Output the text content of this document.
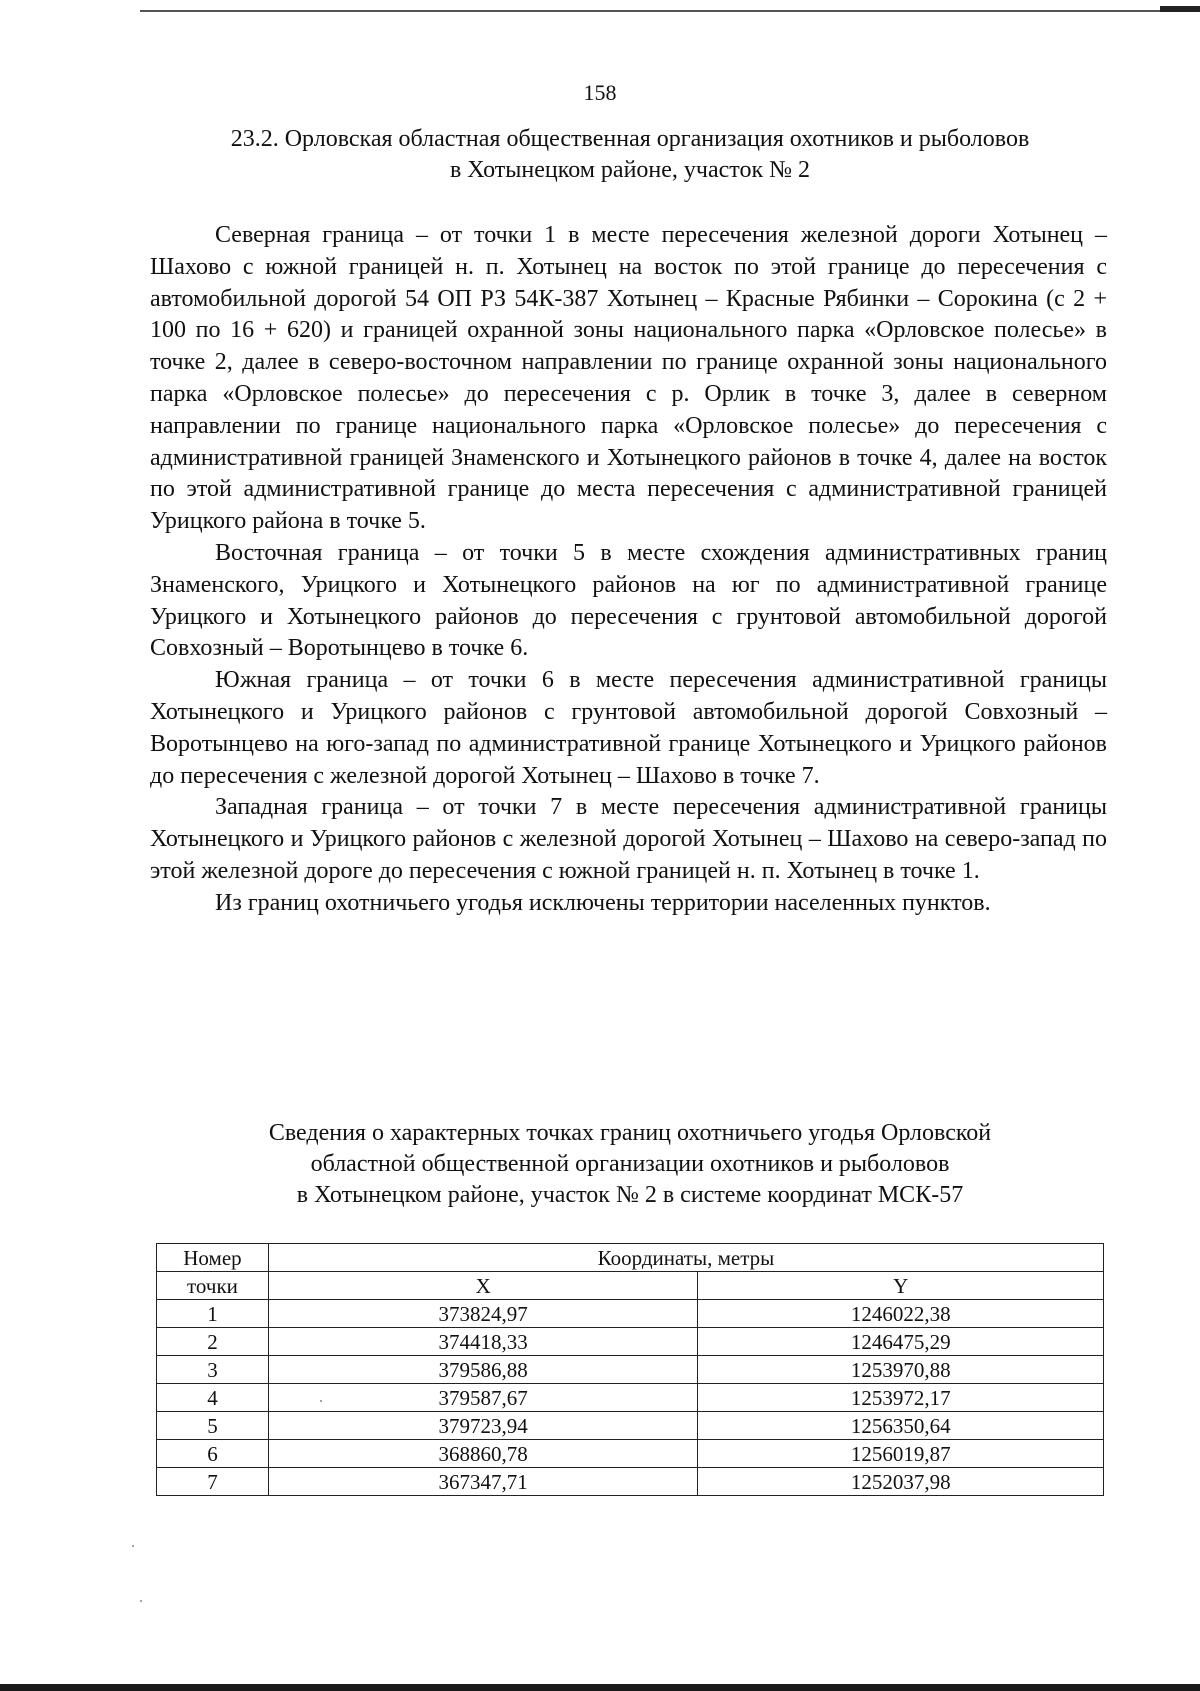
158
23.2. Орловская областная общественная организация охотников и рыболовов
в Хотынецком районе, участок № 2

Северная граница – от точки 1 в месте пересечения железной дороги Хотынец – Шахово с южной границей н. п. Хотынец на восток по этой границе до пересечения с автомобильной дорогой 54 ОП РЗ 54К-387 Хотынец – Красные Рябинки – Сорокина (с 2 + 100 по 16 + 620) и границей охранной зоны национального парка «Орловское полесье» в точке 2, далее в северо-восточном направлении по границе охранной зоны национального парка «Орловское полесье» до пересечения с р. Орлик в точке 3, далее в северном направлении по границе национального парка «Орловское полесье» до пересечения с административной границей Знаменского и Хотынецкого районов в точке 4, далее на восток по этой административной границе до места пересечения с административной границей Урицкого района в точке 5.

Восточная граница – от точки 5 в месте схождения административных границ Знаменского, Урицкого и Хотынецкого районов на юг по административной границе Урицкого и Хотынецкого районов до пересечения с грунтовой автомобильной дорогой Совхозный – Воротынцево в точке 6.

Южная граница – от точки 6 в месте пересечения административной границы Хотынецкого и Урицкого районов с грунтовой автомобильной дорогой Совхозный – Воротынцево на юго-запад по административной границе Хотынецкого и Урицкого районов до пересечения с железной дорогой Хотынец – Шахово в точке 7.

Западная граница – от точки 7 в месте пересечения административной границы Хотынецкого и Урицкого районов с железной дорогой Хотынец – Шахово на северо-запад по этой железной дороге до пересечения с южной границей н. п. Хотынец в точке 1.

Из границ охотничьего угодья исключены территории населенных пунктов.

Сведения о характерных точках границ охотничьего угодья Орловской
областной общественной организации охотников и рыболовов
в Хотынецком районе, участок № 2 в системе координат МСК-57
Номер	Координаты, метры	
точки	X	Y
1	373824,97	1246022,38
2	374418,33	1246475,29
3	379586,88	1253970,88
4	379587,67	1253972,17
5	379723,94	1256350,64
6	368860,78	1256019,87
7	367347,71	1252037,98
